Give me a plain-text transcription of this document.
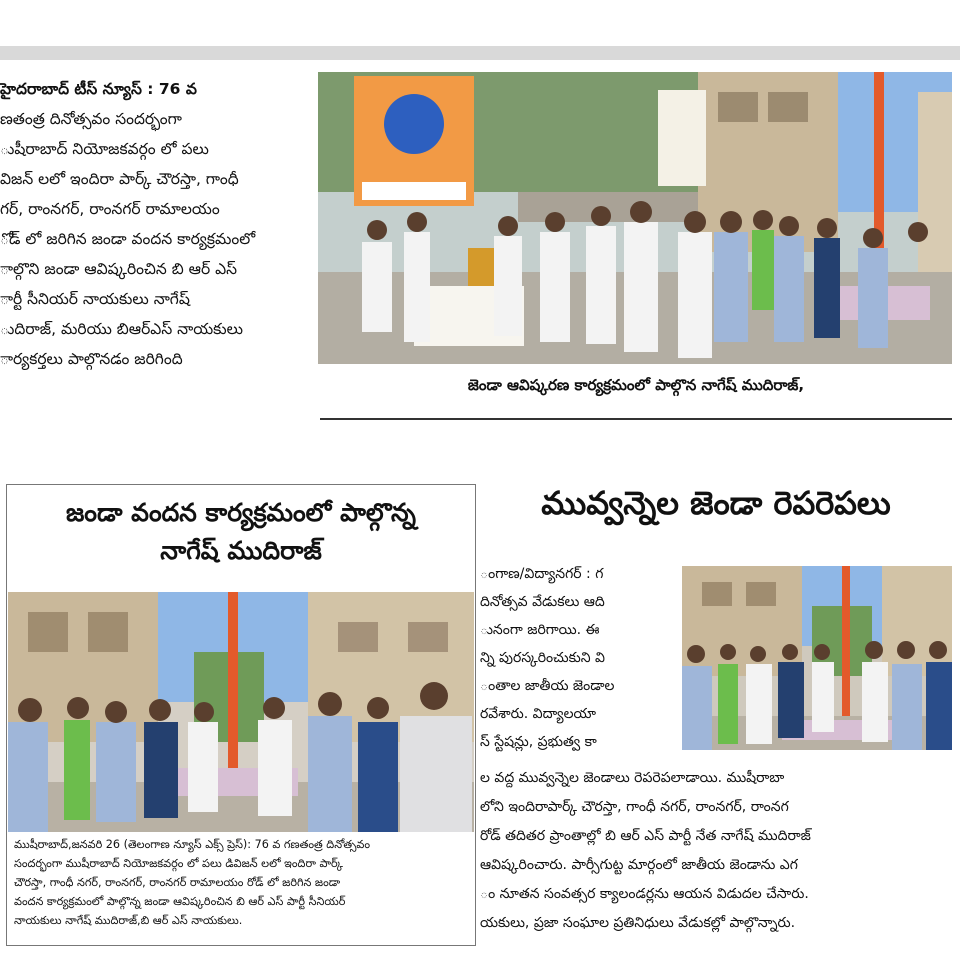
హైదరాబాద్ టీస్ న్యూస్ : 76 వ
ణతంత్ర దినోత్సవం సందర్భంగా
ుషీరాబాద్ నియోజకవర్గం లో పలు
విజన్ లలో ఇందిరా పార్క్ చౌరస్తా, గాంధీ
గర్, రాంనగర్, రాంనగర్ రామాలయం
ోడ్ లో జరిగిన జండా వందన కార్యక్రమంలో
ాల్గొని జండా ఆవిష్కరించిన బి ఆర్ ఎస్
ార్టీ సీనియర్ నాయకులు నాగేష్
ుదిరాజ్, మరియు బిఆర్ఎస్ నాయకులు
ార్యకర్తలు పాల్గొనడం జరిగింది
జెండా ఆవిష్కరణ కార్యక్రమంలో పాల్గొన నాగేష్ ముదిరాజ్,
జండా వందన కార్యక్రమంలో పాల్గొన్న
నాగేష్ ముదిరాజ్
ముషీరాబాద్,జనవరి 26 (తెలంగాణ న్యూస్ ఎక్స్ ప్రెస్): 76 వ గణతంత్ర దినోత్సవం
సందర్భంగా ముషీరాబాద్ నియోజకవర్గం లో పలు డివిజన్ లలో ఇందిరా పార్క్
చౌరస్తా, గాంధీ నగర్, రాంనగర్, రాంనగర్ రామాలయం రోడ్ లో జరిగిన జండా
వందన కార్యక్రమంలో పాల్గొన్న జండా ఆవిష్కరించిన బి ఆర్ ఎస్ పార్టీ సీనియర్
నాయకులు నాగేష్ ముదిరాజ్,బి ఆర్ ఎస్ నాయకులు.
మువ్వన్నెల జెండా రెపరెపలు
ంగాణ/విద్యానగర్ : గ
దినోత్సవ వేడుకలు ఆది
ునంగా జరిగాయి. ఈ
న్ని పురస్కరించుకుని వి
ంతాల జాతీయ జెండాల
రవేశారు. విద్యాలయా
స్ స్టేషన్లు, ప్రభుత్వ కా
ల వద్ద మువ్వన్నెల జెండాలు రెపరెపలాడాయి. ముషీరాబా
లోని ఇందిరాపార్క్ చౌరస్తా, గాంధీ నగర్, రాంనగర్, రాంనగ
రోడ్ తదితర ప్రాంతాల్లో బి ఆర్ ఎస్ పార్టీ నేత నాగేష్ ముదిరాజ్
ఆవిష్కరించారు. పార్సీగుట్ట మార్గంలో జాతీయ జెండాను ఎగ
ం నూతన సంవత్సర క్యాలండర్లను ఆయన విడుదల చేసారు.
యకులు, ప్రజా సంఘాల ప్రతినిధులు వేడుకల్లో పాల్గొన్నారు.
